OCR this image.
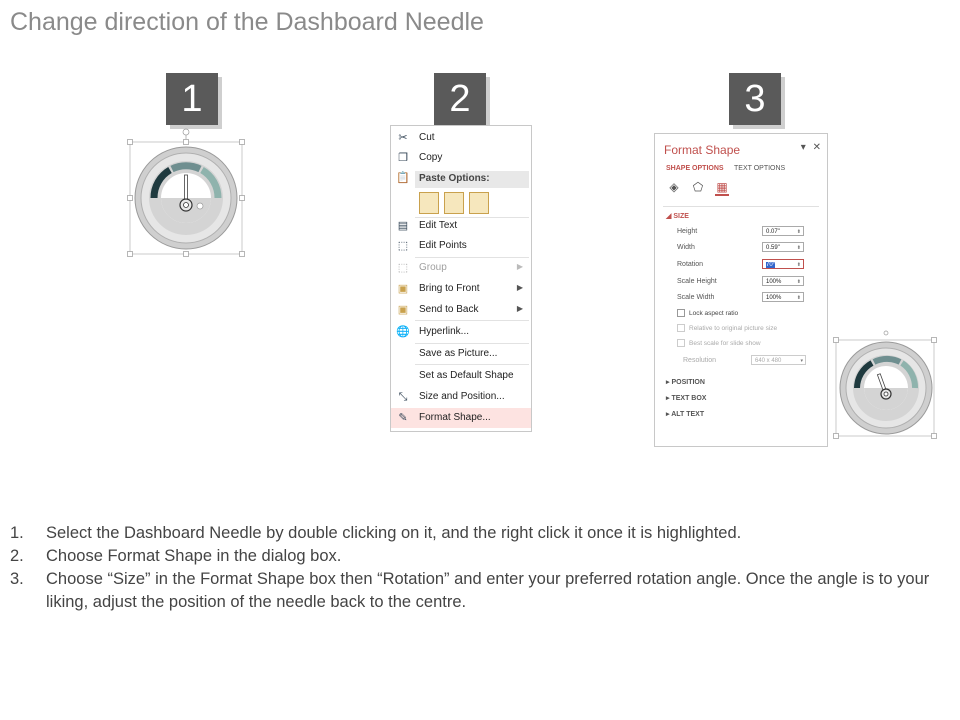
Change direction of the Dashboard Needle
1	2	3
✂ Cut
❐ Copy
Paste Options:
📋
▤ Edit Text
⬚ Edit Points
⬚ Group	▶
▣ Bring to Front	▶
▣ Send to Back	▶
🌐 Hyperlink...
Save as Picture...
Set as Default Shape
⤡ Size and Position...
✎ Format Shape...
Format Shape	▾ ✕
SHAPE OPTIONS TEXT OPTIONS
◈ ⬠ ▦
◢ SIZE
Height	0.07"	⬍
Width	0.59"	⬍
Rotation	70°	⬍
Scale Height	100%	⬍
Scale Width	100%	⬍
Lock aspect ratio
Relative to original picture size
Best scale for slide show
Resolution	640 x 480	▾
▸ POSITION
▸ TEXT BOX
▸ ALT TEXT
1. Select the Dashboard Needle by double clicking on it, and the right click it once it is highlighted.
2. Choose Format Shape in the dialog box.
3. Choose “Size” in the Format Shape box then “Rotation” and enter your preferred rotation angle. Once the angle is to your liking, adjust the position of the needle back to the centre.
